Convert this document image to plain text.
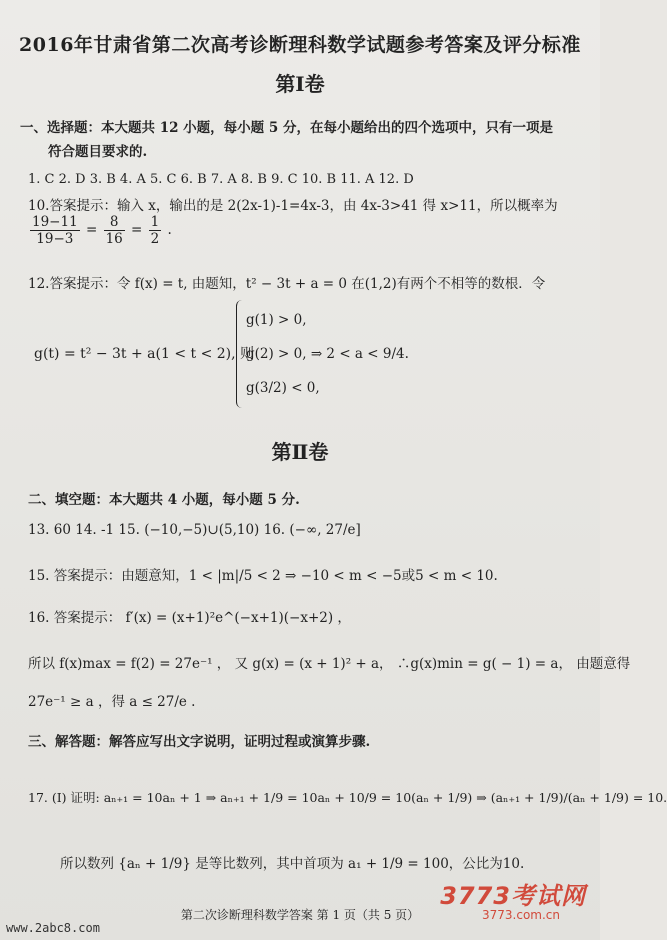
2016年甘肃省第二次高考诊断理科数学试题参考答案及评分标准
第Ⅰ卷
一、选择题：本大题共 12 小题，每小题 5 分，在每小题给出的四个选项中，只有一项是
符合题目要求的.
1. C 2. D 3. B 4. A 5. C 6. B 7. A 8. B 9. C 10. B 11. A 12. D
10.答案提示：输入 x，输出的是 2(2x-1)-1=4x-3，由 4x-3>41 得 x>11，所以概率为
$\frac{19-11}{19-3} = \frac{8}{16} = \frac{1}{2}$ .
12.答案提示：令 f(x) = t, 由题知，t² − 3t + a = 0 在(1,2)有两个不相等的数根．令
g(t) = t² − 3t + a(1 < t < 2), 则
g(1) > 0,
g(2) > 0, ⇒ 2 < a < 9/4.
g(3/2) < 0,
第Ⅱ卷
二、填空题：本大题共 4 小题，每小题 5 分.
13. 60 14. -1 15. (−10,−5)∪(5,10) 16. (−∞, 27/e]
15. 答案提示：由题意知，1 < |m|/5 < 2 ⇒ −10 < m < −5或5 < m < 10.
16. 答案提示： f′(x) = (x+1)²e^(−x+1)(−x+2) ，
所以 f(x)max = f(2) = 27e⁻¹ ， 又 g(x) = (x + 1)² + a， ∴g(x)min = g( − 1) = a， 由题意得
27e⁻¹ ≥ a ，得 a ≤ 27/e .
三、解答题：解答应写出文字说明，证明过程或演算步骤.
17. (Ⅰ) 证明: aₙ₊₁ = 10aₙ + 1 ⇒ aₙ₊₁ + 1/9 = 10aₙ + 10/9 = 10(aₙ + 1/9) ⇒ (aₙ₊₁ + 1/9)/(aₙ + 1/9) = 10.
所以数列 {aₙ + 1/9} 是等比数列，其中首项为 a₁ + 1/9 = 100，公比为10.
第二次诊断理科数学答案 第 1 页（共 5 页）
www.2abc8.com
3773考试网
3773.com.cn
